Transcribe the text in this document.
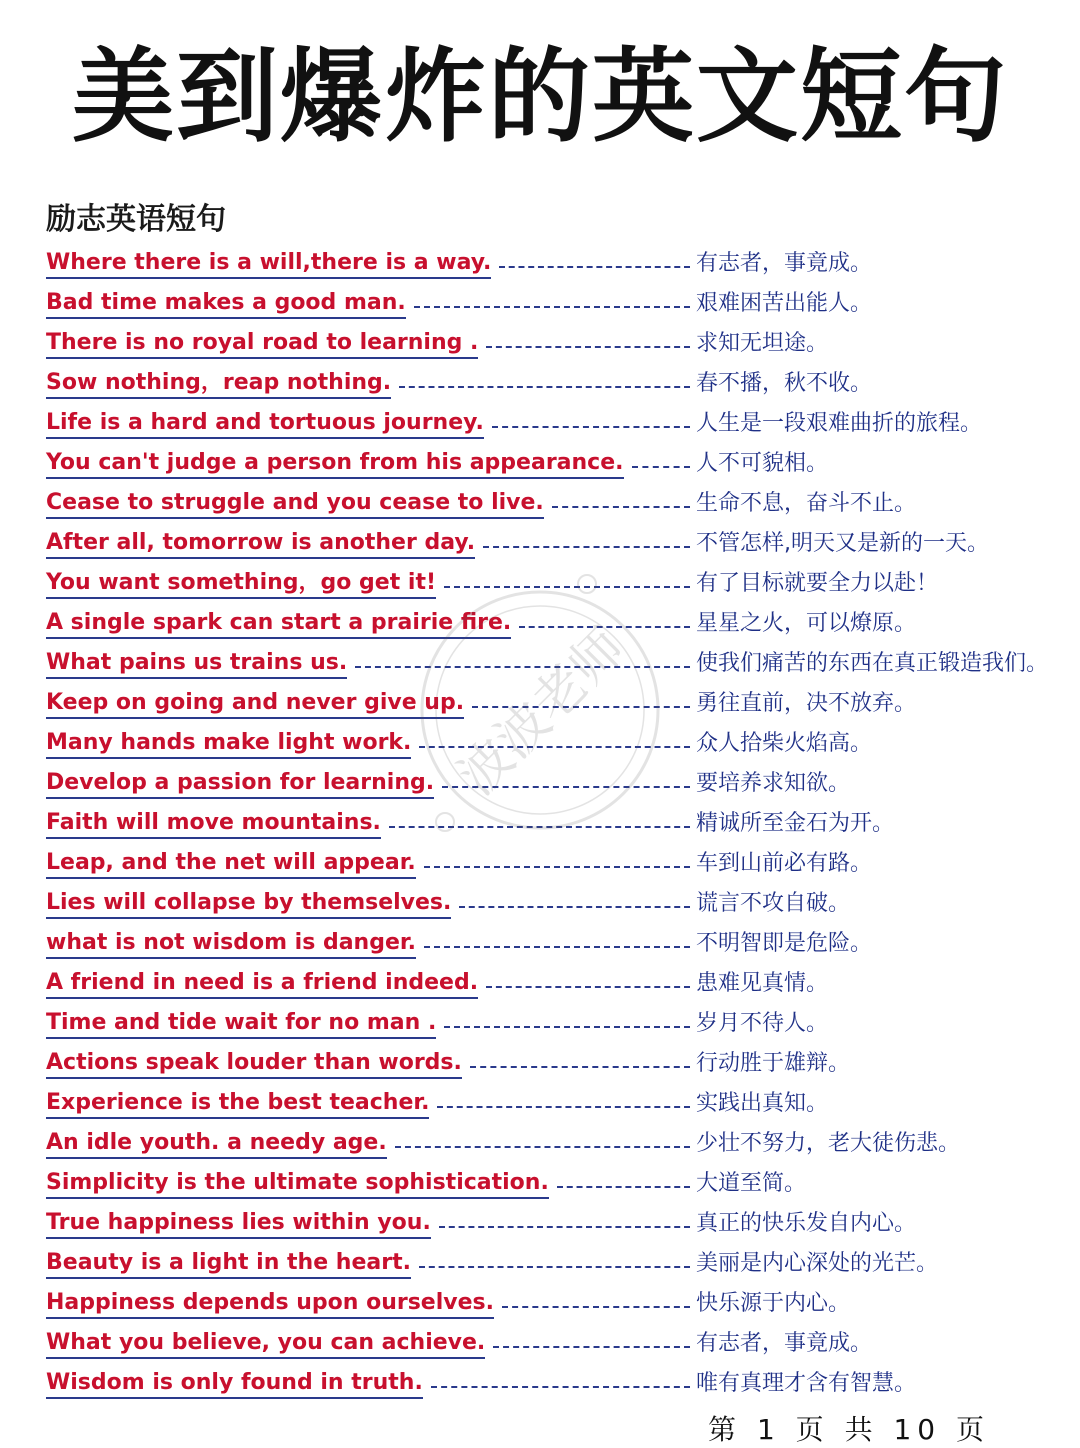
美到爆炸的英文短句
励志英语短句
Where there is a will,there is a way.	有志者，事竟成。
Bad time makes a good man.	艰难困苦出能人。
There is no royal road to learning .	求知无坦途。
Sow nothing，reap nothing.	春不播，秋不收。
Life is a hard and tortuous journey.	人生是一段艰难曲折的旅程。
You can't judge a person from his appearance.	人不可貌相。
Cease to struggle and you cease to live.	生命不息，奋斗不止。
After all, tomorrow is another day.	不管怎样,明天又是新的一天。
You want something，go get it!	有了目标就要全力以赴！
A single spark can start a prairie fire.	星星之火，可以燎原。
What pains us trains us.	使我们痛苦的东西在真正锻造我们。
Keep on going and never give up.	勇往直前，决不放弃。
Many hands make light work.	众人拾柴火焰高。
Develop a passion for learning.	要培养求知欲。
Faith will move mountains.	精诚所至金石为开。
Leap, and the net will appear.	车到山前必有路。
Lies will collapse by themselves.	谎言不攻自破。
what is not wisdom is danger.	不明智即是危险。
A friend in need is a friend indeed.	患难见真情。
Time and tide wait for no man .	岁月不待人。
Actions speak louder than words.	行动胜于雄辩。
Experience is the best teacher.	实践出真知。
An idle youth. a needy age.	少壮不努力，老大徒伤悲。
Simplicity is the ultimate sophistication.	大道至简。
True happiness lies within you.	真正的快乐发自内心。
Beauty is a light in the heart.	美丽是内心深处的光芒。
Happiness depends upon ourselves.	快乐源于内心。
What you believe, you can achieve.	有志者，事竟成。
Wisdom is only found in truth.	唯有真理才含有智慧。
波波老师
第 1 页 共 10 页
